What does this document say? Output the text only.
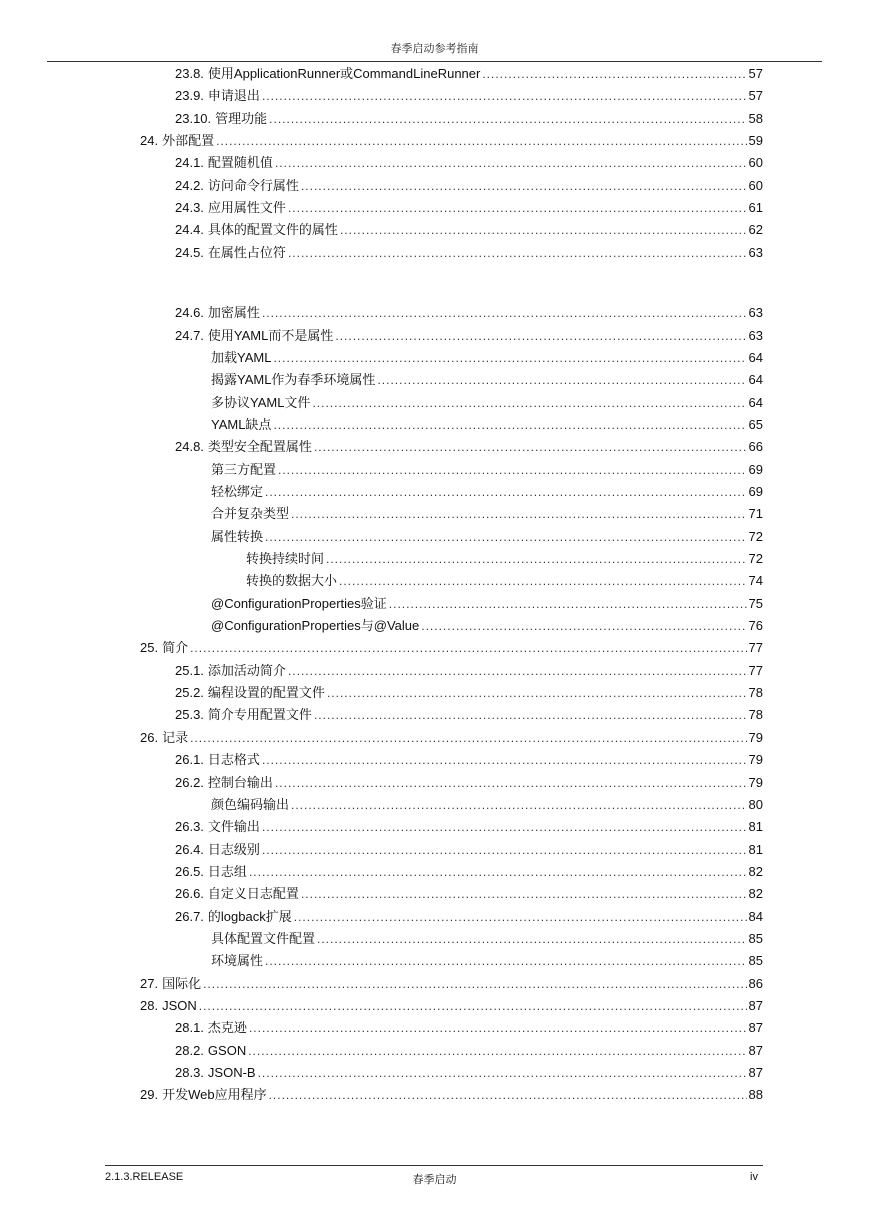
春季启动参考指南
23.8. 使用ApplicationRunner或CommandLineRunner .....	57
23.9. 申请退出 .....	57
23.10. 管理功能 .....	58
24. 外部配置 .....	59
24.1. 配置随机值 .....	60
24.2. 访问命令行属性 .....	60
24.3. 应用属性文件 .....	61
24.4. 具体的配置文件的属性 .....	62
24.5. 在属性占位符 .....	63
24.6. 加密属性 .....	63
24.7. 使用YAML而不是属性 .....	63
加载YAML .....	64
揭露YAML作为春季环境属性 .....	64
多协议YAML文件 .....	64
YAML缺点 .....	65
24.8. 类型安全配置属性 .....	66
第三方配置 .....	69
轻松绑定 .....	69
合并复杂类型 .....	71
属性转换 .....	72
转换持续时间 .....	72
转换的数据大小 .....	74
@ConfigurationProperties验证 .....	75
@ConfigurationProperties与@Value .....	76
25. 简介 .....	77
25.1. 添加活动简介 .....	77
25.2. 编程设置的配置文件 .....	78
25.3. 简介专用配置文件 .....	78
26. 记录 .....	79
26.1. 日志格式 .....	79
26.2. 控制台输出 .....	79
颜色编码输出 .....	80
26.3. 文件输出 .....	81
26.4. 日志级别 .....	81
26.5. 日志组 .....	82
26.6. 自定义日志配置 .....	82
26.7. 的logback扩展 .....	84
具体配置文件配置 .....	85
环境属性 .....	85
27. 国际化 .....	86
28. JSON .....	87
28.1. 杰克逊 .....	87
28.2. GSON .....	87
28.3. JSON-B .....	87
29. 开发Web应用程序 .....	88
2.1.3.RELEASE	春季启动	iv
